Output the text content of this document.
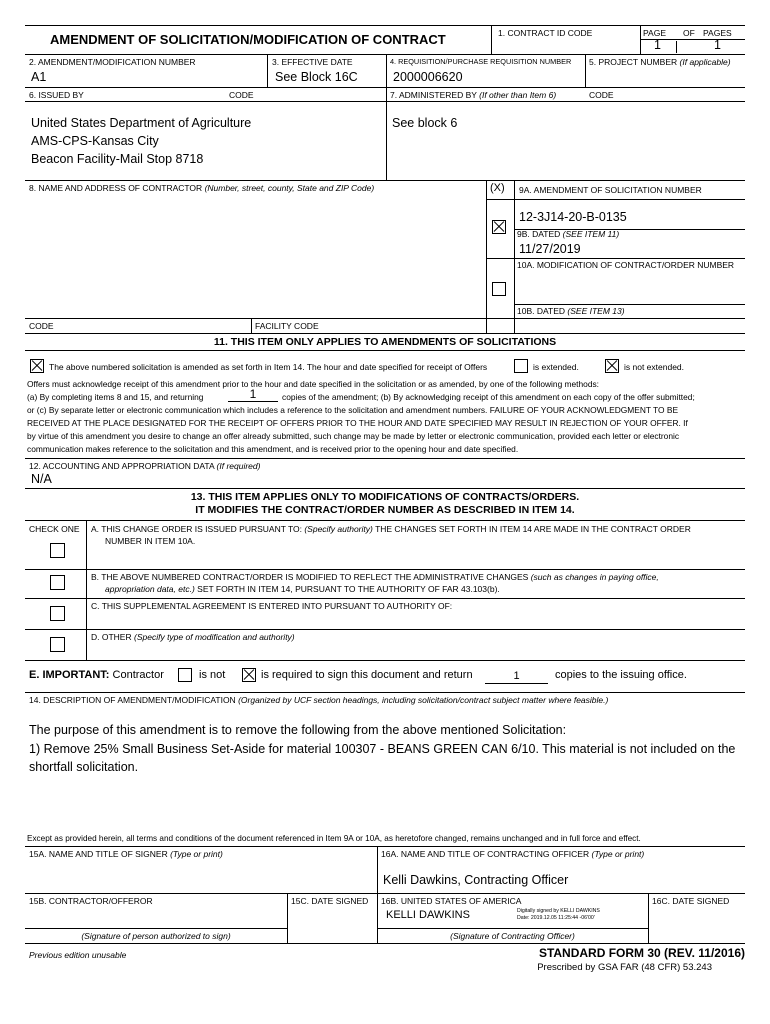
AMENDMENT OF SOLICITATION/MODIFICATION OF CONTRACT	1. CONTRACT ID CODE	PAGE OF PAGES
1	1
2. AMENDMENT/MODIFICATION NUMBER
A1
3. EFFECTIVE DATE
See Block 16C
4. REQUISITION/PURCHASE REQUISITION NUMBER
2000006620
5. PROJECT NUMBER (If applicable)
6. ISSUED BY	CODE
United States Department of Agriculture
AMS-CPS-Kansas City
Beacon Facility-Mail Stop 8718
7. ADMINISTERED BY (If other than Item 6)	CODE
See block 6
8. NAME AND ADDRESS OF CONTRACTOR (Number, street, county, State and ZIP Code)	(X) 9A. AMENDMENT OF SOLICITATION NUMBER
12-3J14-20-B-0135
9B. DATED (SEE ITEM 11)
11/27/2019
10A. MODIFICATION OF CONTRACT/ORDER NUMBER
10B. DATED (SEE ITEM 13)
CODE	FACILITY CODE
11. THIS ITEM ONLY APPLIES TO AMENDMENTS OF SOLICITATIONS
The above numbered solicitation is amended as set forth in Item 14. The hour and date specified for receipt of Offers	is extended.	is not extended.
Offers must acknowledge receipt of this amendment prior to the hour and date specified in the solicitation or as amended, by one of the following methods:
(a) By completing items 8 and 15, and returning	1	copies of the amendment; (b) By acknowledging receipt of this amendment on each copy of the offer submitted;
or (c) By separate letter or electronic communication which includes a reference to the solicitation and amendment numbers. FAILURE OF YOUR ACKNOWLEDGMENT TO BE
RECEIVED AT THE PLACE DESIGNATED FOR THE RECEIPT OF OFFERS PRIOR TO THE HOUR AND DATE SPECIFIED MAY RESULT IN REJECTION OF YOUR OFFER. If
by virtue of this amendment you desire to change an offer already submitted, such change may be made by letter or electronic communication, provided each letter or electronic
communication makes reference to the solicitation and this amendment, and is received prior to the opening hour and date specified.
12. ACCOUNTING AND APPROPRIATION DATA (If required)
N/A
13. THIS ITEM APPLIES ONLY TO MODIFICATIONS OF CONTRACTS/ORDERS.
IT MODIFIES THE CONTRACT/ORDER NUMBER AS DESCRIBED IN ITEM 14.
CHECK ONE A. THIS CHANGE ORDER IS ISSUED PURSUANT TO: (Specify authority) THE CHANGES SET FORTH IN ITEM 14 ARE MADE IN THE CONTRACT ORDER
NUMBER IN ITEM 10A.
B. THE ABOVE NUMBERED CONTRACT/ORDER IS MODIFIED TO REFLECT THE ADMINISTRATIVE CHANGES (such as changes in paying office,
appropriation data, etc.) SET FORTH IN ITEM 14, PURSUANT TO THE AUTHORITY OF FAR 43.103(b).
C. THIS SUPPLEMENTAL AGREEMENT IS ENTERED INTO PURSUANT TO AUTHORITY OF:
D. OTHER (Specify type of modification and authority)
E. IMPORTANT: Contractor	is not	is required to sign this document and return	1	copies to the issuing office.
14. DESCRIPTION OF AMENDMENT/MODIFICATION (Organized by UCF section headings, including solicitation/contract subject matter where feasible.)
The purpose of this amendment is to remove the following from the above mentioned Solicitation:
1) Remove 25% Small Business Set-Aside for material 100307 - BEANS GREEN CAN 6/10. This material is not included on the shortfall solicitation.
Except as provided herein, all terms and conditions of the document referenced in Item 9A or 10A, as heretofore changed, remains unchanged and in full force and effect.
15A. NAME AND TITLE OF SIGNER (Type or print)	16A. NAME AND TITLE OF CONTRACTING OFFICER (Type or print)
Kelli Dawkins, Contracting Officer
15B. CONTRACTOR/OFFEROR	15C. DATE SIGNED 16B. UNITED STATES OF AMERICA	16C. DATE SIGNED
KELLI DAWKINS	Digitally signed by KELLI DAWKINS
Date: 2019.12.05 11:25:44 -06'00'
(Signature of person authorized to sign)	(Signature of Contracting Officer)
Previous edition unusable	STANDARD FORM 30 (REV. 11/2016)
Prescribed by GSA FAR (48 CFR) 53.243
